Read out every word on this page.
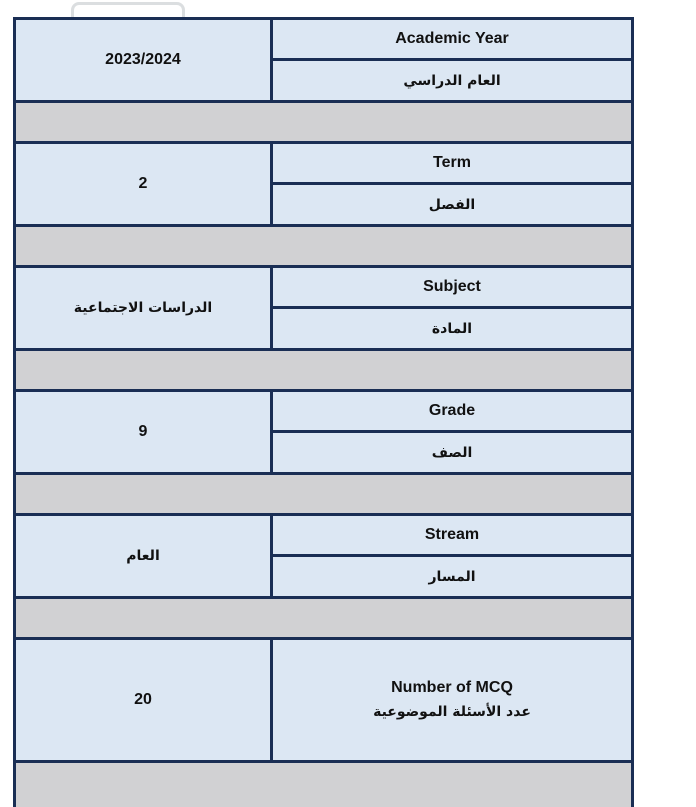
2023/2024
Academic Year
العام الدراسي
2
Term
الفصل
الدراسات الاجتماعية
Subject
المادة
9
Grade
الصف
العام
Stream
المسار
20
Number of MCQ
عدد الأسئلة الموضوعية
